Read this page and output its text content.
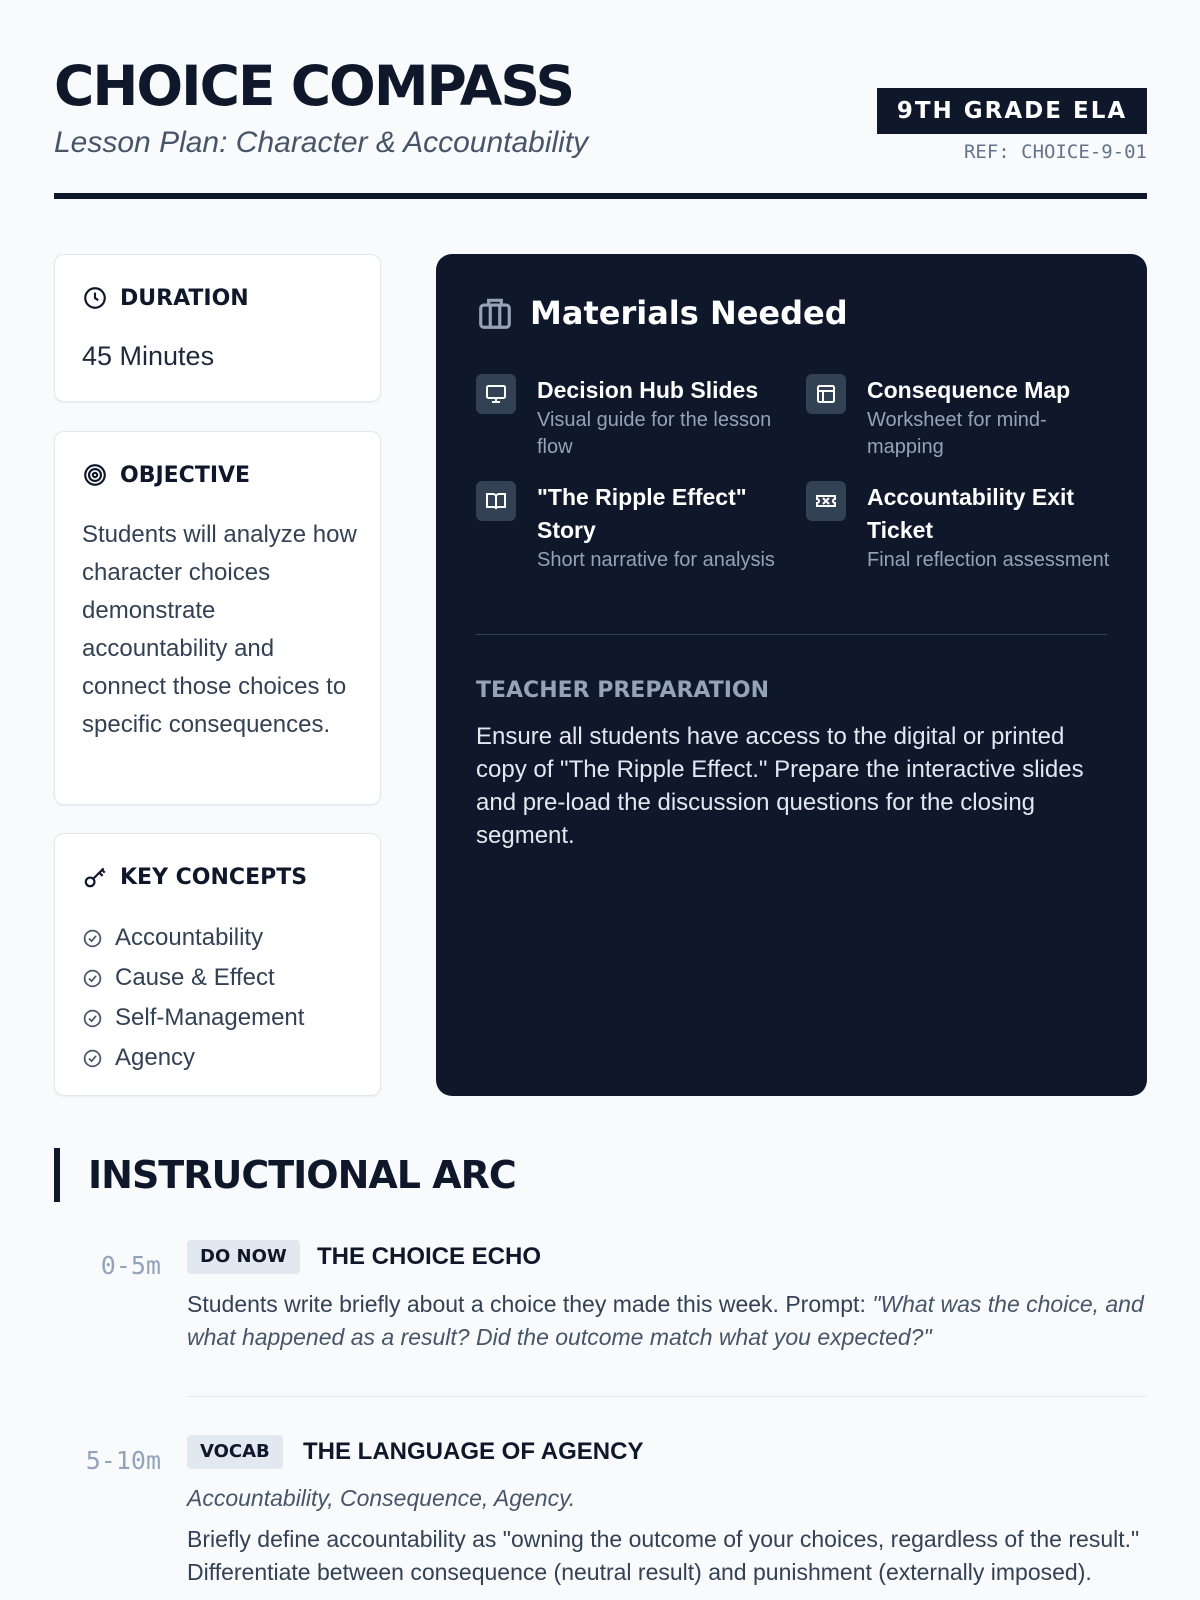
CHOICE COMPASS
Lesson Plan: Character & Accountability
9TH GRADE ELA
REF: CHOICE-9-01
DURATION
45 Minutes
OBJECTIVE

Students will analyze how character choices demonstrate accountability and connect those choices to specific consequences.

KEY CONCEPTS
Accountability
Cause & Effect
Self-Management
Agency
Materials Needed
Decision Hub Slides
Visual guide for the lesson flow
Consequence Map
Worksheet for mind-mapping
"The Ripple Effect" Story
Short narrative for analysis
Accountability Exit Ticket
Final reflection assessment
TEACHER PREPARATION

Ensure all students have access to the digital or printed copy of "The Ripple Effect." Prepare the interactive slides and pre-load the discussion questions for the closing segment.

INSTRUCTIONAL ARC
0-5m	DO NOW	THE CHOICE ECHO

Students write briefly about a choice they made this week. Prompt: "What was the choice, and what happened as a result? Did the outcome match what you expected?"

5-10m	VOCAB	THE LANGUAGE OF AGENCY

Accountability, Consequence, Agency.

Briefly define accountability as "owning the outcome of your choices, regardless of the result." Differentiate between consequence (neutral result) and punishment (externally imposed).
